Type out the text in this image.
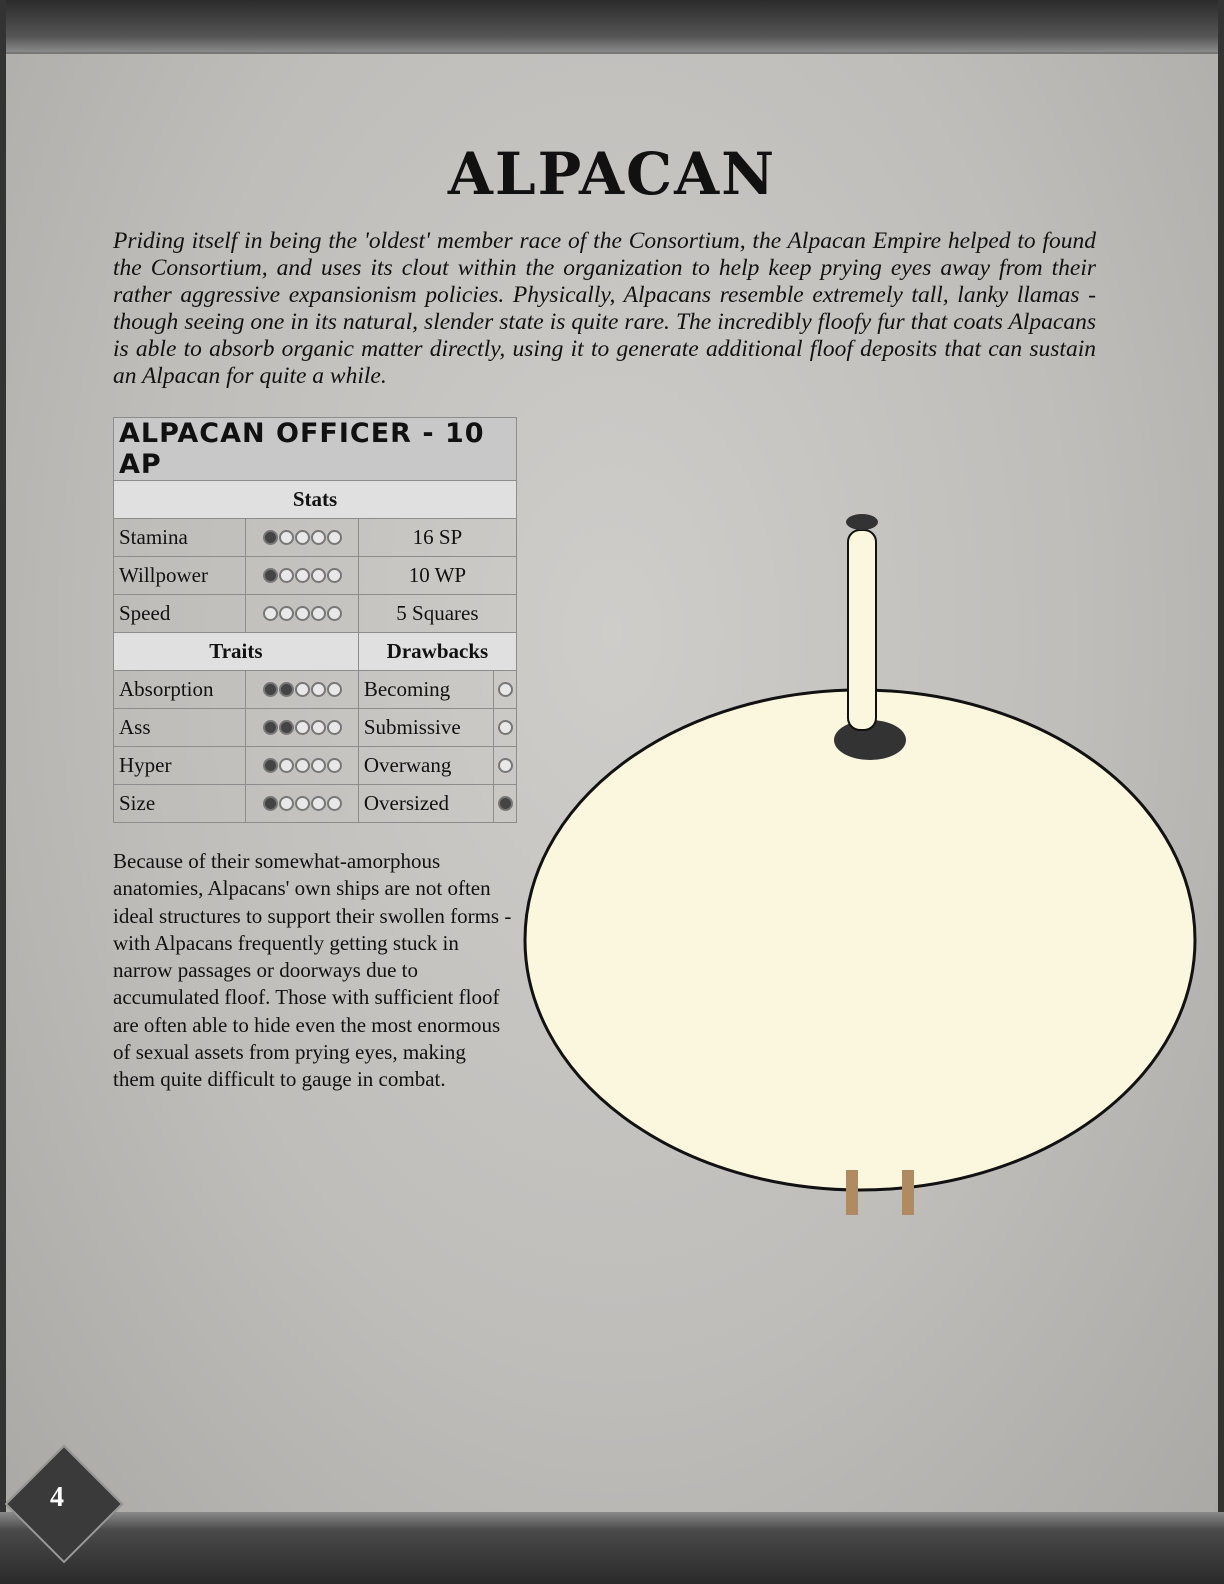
ALPACAN
Priding itself in being the 'oldest' member race of the Consortium, the Alpacan Empire helped to found the Consortium, and uses its clout within the organization to help keep prying eyes away from their rather aggressive expansionism policies. Physically, Alpacans resemble extremely tall, lanky llamas - though seeing one in its natural, slender state is quite rare. The incredibly floofy fur that coats Alpacans is able to absorb organic matter directly, using it to generate additional floof deposits that can sustain an Alpacan for quite a while.
ALPACAN OFFICER - 10 AP			
Stats			
Stamina		16 SP	
Willpower		10 WP	
Speed		5 Squares	
Traits		Drawbacks	
Absorption		Becoming	

Ass		Submissive	

Hyper		Overwang	

Size		Oversized	
Because of their somewhat-amorphous anatomies, Alpacans' own ships are not often ideal structures to support their swollen forms - with Alpacans frequently getting stuck in narrow passages or doorways due to accumulated floof. Those with sufficient floof are often able to hide even the most enormous of sexual assets from prying eyes, making them quite difficult to gauge in combat.
4
